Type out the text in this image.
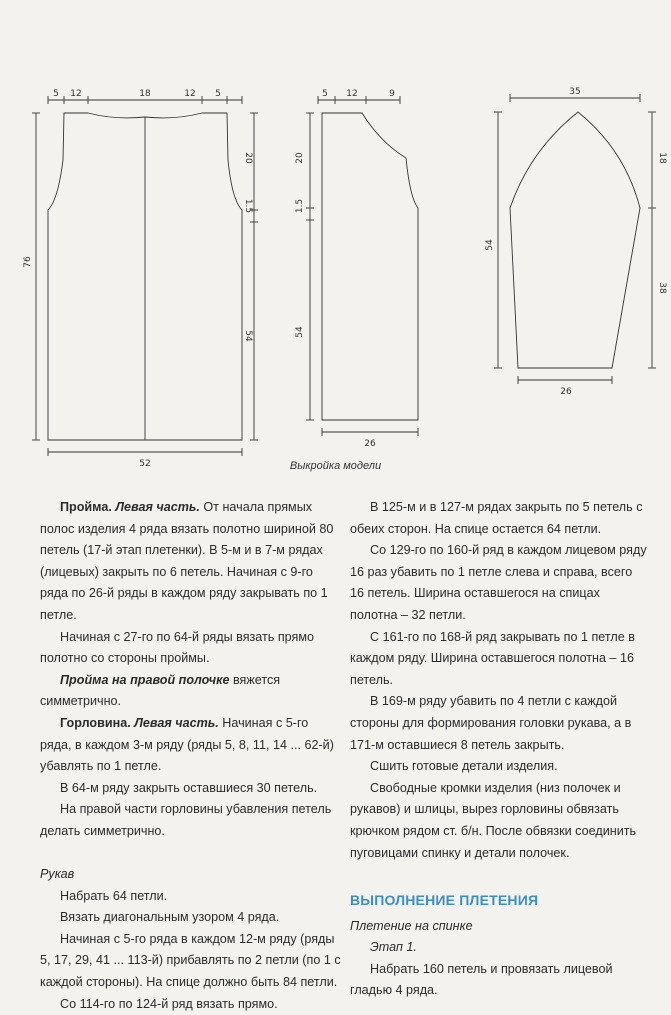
5 12	18	12 5
52
76
20
1.5
54
5 12	9
26
20
1.5
54
35
26
54
18
38
Выкройка модели

Пройма. Левая часть. От начала прямых полос изделия 4 ряда вязать полотно шириной 80 петель (17-й этап плетенки). В 5-м и в 7-м рядах (лицевых) закрыть по 6 петель. Начиная с 9-го ряда по 26-й ряды в каждом ряду закрывать по 1 петле.

Начиная с 27-го по 64-й ряды вязать прямо полотно со стороны проймы.

Пройма на правой полочке вяжется симметрично.

Горловина. Левая часть. Начиная с 5-го ряда, в каждом 3-м ряду (ряды 5, 8, 11, 14 ... 62-й) убавлять по 1 петле.

В 64-м ряду закрыть оставшиеся 30 петель.

На правой части горловины убавления петель делать симметрично.

Рукав

Набрать 64 петли.

Вязать диагональным узором 4 ряда.

Начиная с 5-го ряда в каждом 12-м ряду (ряды 5, 17, 29, 41 ... 113-й) прибавлять по 2 петли (по 1 с каждой стороны). На спице должно быть 84 петли.

Со 114-го по 124-й ряд вязать прямо.

В 125-м и в 127-м рядах закрыть по 5 петель с обеих сторон. На спице остается 64 петли.

Со 129-го по 160-й ряд в каждом лицевом ряду 16 раз убавить по 1 петле слева и справа, всего 16 петель. Ширина оставшегося на спицах полотна – 32 петли.

С 161-го по 168-й ряд закрывать по 1 петле в каждом ряду. Ширина оставшегося полотна – 16 петель.

В 169-м ряду убавить по 4 петли с каждой стороны для формирования головки рукава, а в 171-м оставшиеся 8 петель закрыть.

Сшить готовые детали изделия.

Свободные кромки изделия (низ полочек и рукавов) и шлицы, вырез горловины обвязать крючком рядом ст. б/н. После обвязки соединить пуговицами спинку и детали полочек.

ВЫПОЛНЕНИЕ ПЛЕТЕНИЯ

Плетение на спинке

Этап 1.

Набрать 160 петель и провязать лицевой гладью 4 ряда.
